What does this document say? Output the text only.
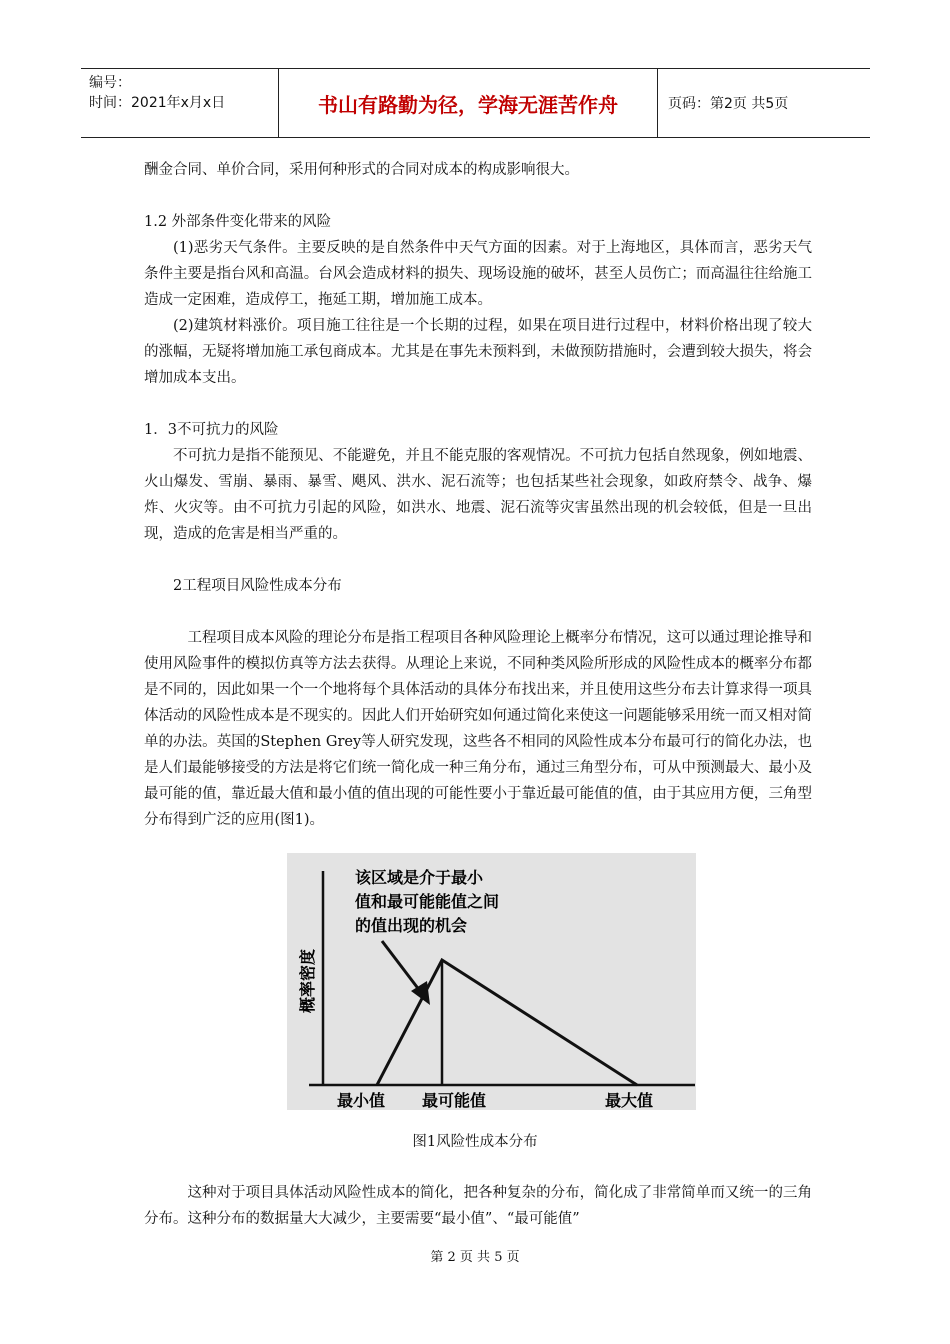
编号：
时间：2021年x月x日	书山有路勤为径，学海无涯苦作舟	页码：第2页 共5页

酬金合同、单价合同，采用何种形式的合同对成本的构成影响很大。

1.2 外部条件变化带来的风险

(1)恶劣天气条件。主要反映的是自然条件中天气方面的因素。对于上海地区，具体而言，恶劣天气条件主要是指台风和高温。台风会造成材料的损失、现场设施的破坏，甚至人员伤亡；而高温往往给施工造成一定困难，造成停工，拖延工期，增加施工成本。

(2)建筑材料涨价。项目施工往往是一个长期的过程，如果在项目进行过程中，材料价格出现了较大的涨幅，无疑将增加施工承包商成本。尤其是在事先未预料到，未做预防措施时，会遭到较大损失，将会增加成本支出。

1．3不可抗力的风险

不可抗力是指不能预见、不能避免，并且不能克服的客观情况。不可抗力包括自然现象，例如地震、火山爆发、雪崩、暴雨、暴雪、飓风、洪水、泥石流等；也包括某些社会现象，如政府禁令、战争、爆炸、火灾等。由不可抗力引起的风险，如洪水、地震、泥石流等灾害虽然出现的机会较低，但是一旦出现，造成的危害是相当严重的。

2工程项目风险性成本分布

工程项目成本风险的理论分布是指工程项目各种风险理论上概率分布情况，这可以通过理论推导和使用风险事件的模拟仿真等方法去获得。从理论上来说，不同种类风险所形成的风险性成本的概率分布都是不同的，因此如果一个一个地将每个具体活动的具体分布找出来，并且使用这些分布去计算求得一项具体活动的风险性成本是不现实的。因此人们开始研究如何通过简化来使这一问题能够采用统一而又相对简单的办法。英国的Stephen Grey等人研究发现，这些各不相同的风险性成本分布最可行的简化办法，也是人们最能够接受的方法是将它们统一简化成一种三角分布，通过三角型分布，可从中预测最大、最小及最可能的值，靠近最大值和最小值的值出现的可能性要小于靠近最可能值的值，由于其应用方便，三角型分布得到广泛的应用(图1)。

该区域是介于最小
值和最可能能值之间
的值出现的机会
概率密度
最小值 最可能值	最大值
图1风险性成本分布

这种对于项目具体活动风险性成本的简化，把各种复杂的分布，简化成了非常简单而又统一的三角分布。这种分布的数据量大大减少，主要需要“最小值”、“最可能值”

第 2 页 共 5 页
